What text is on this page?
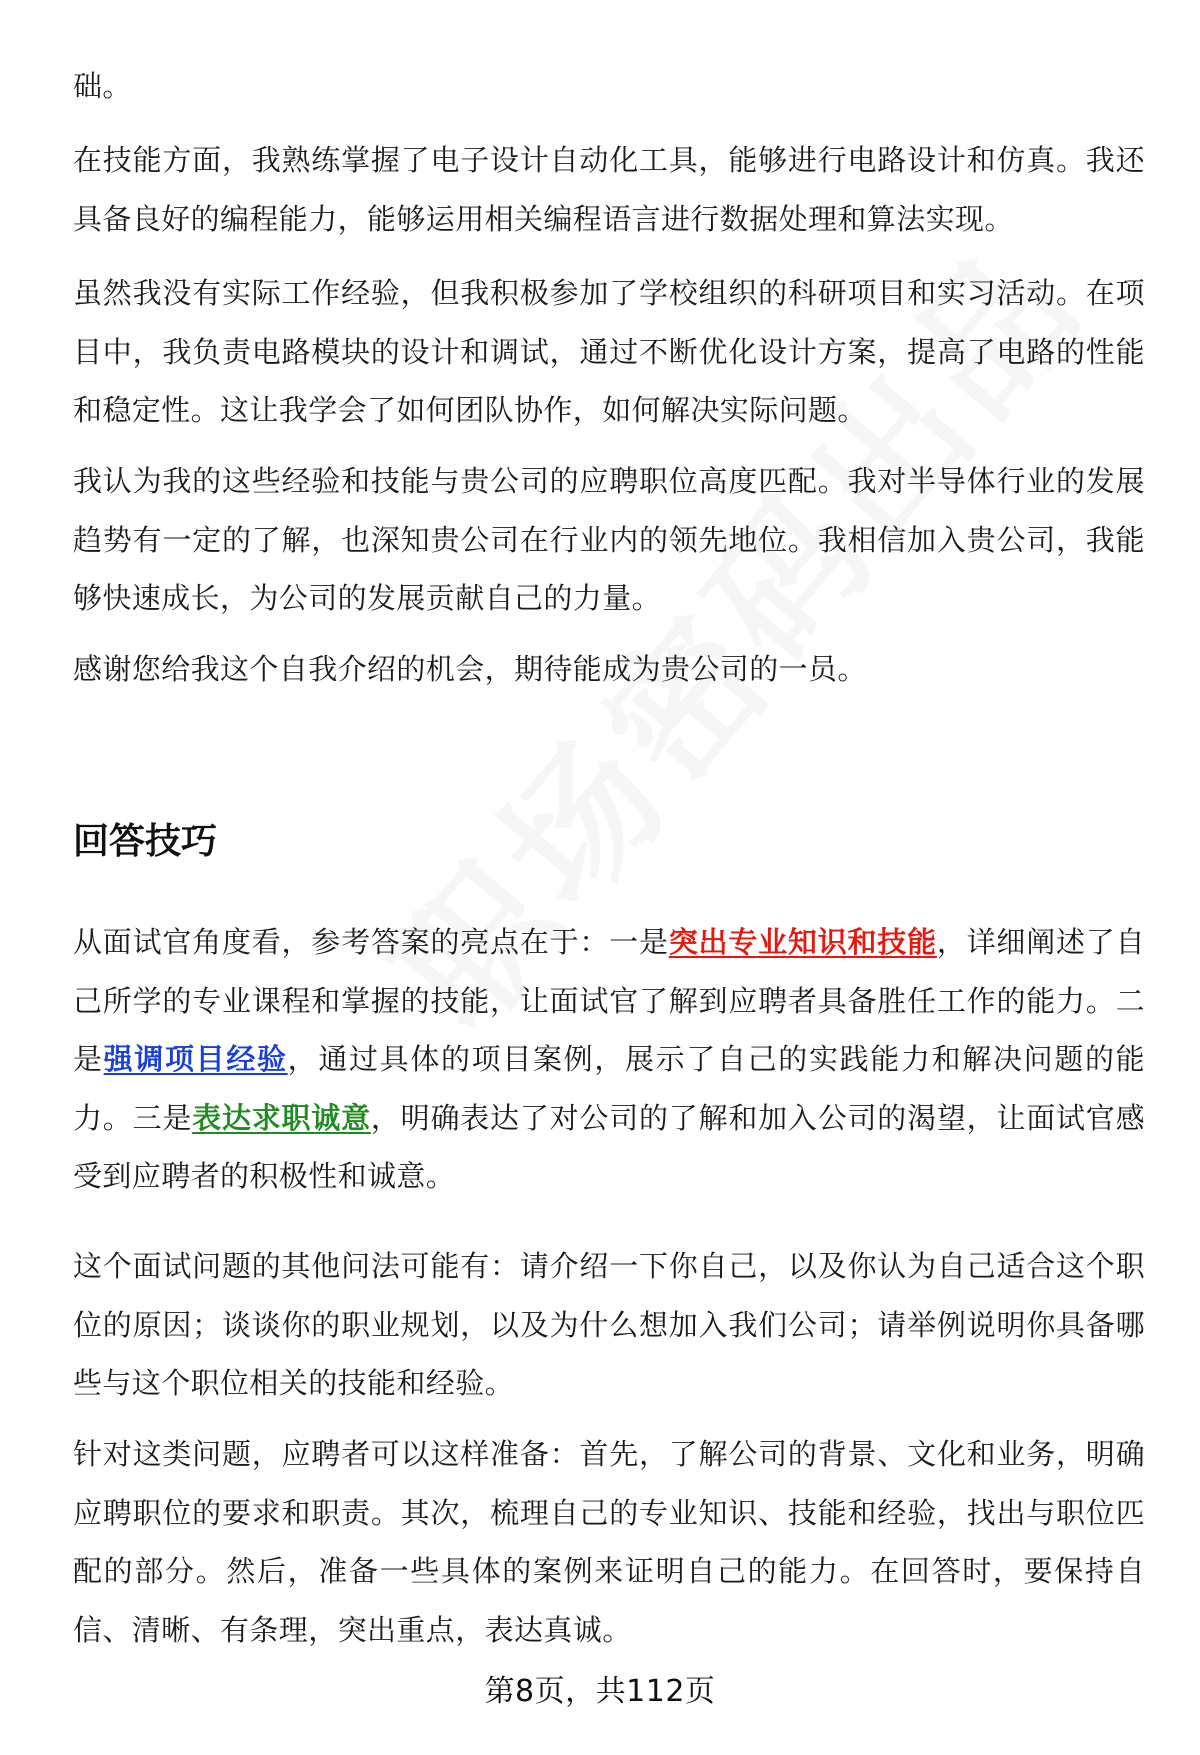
础。

在技能方面，我熟练掌握了电子设计自动化工具，能够进行电路设计和仿真。我还具备良好的编程能力，能够运用相关编程语言进行数据处理和算法实现。

虽然我没有实际工作经验，但我积极参加了学校组织的科研项目和实习活动。在项目中，我负责电路模块的设计和调试，通过不断优化设计方案，提高了电路的性能和稳定性。这让我学会了如何团队协作，如何解决实际问题。

我认为我的这些经验和技能与贵公司的应聘职位高度匹配。我对半导体行业的发展趋势有一定的了解，也深知贵公司在行业内的领先地位。我相信加入贵公司，我能够快速成长，为公司的发展贡献自己的力量。

感谢您给我这个自我介绍的机会，期待能成为贵公司的一员。

回答技巧

从面试官角度看，参考答案的亮点在于：一是突出专业知识和技能，详细阐述了自己所学的专业课程和掌握的技能，让面试官了解到应聘者具备胜任工作的能力。二是强调项目经验，通过具体的项目案例，展示了自己的实践能力和解决问题的能力。三是表达求职诚意，明确表达了对公司的了解和加入公司的渴望，让面试官感受到应聘者的积极性和诚意。

这个面试问题的其他问法可能有：请介绍一下你自己，以及你认为自己适合这个职位的原因；谈谈你的职业规划，以及为什么想加入我们公司；请举例说明你具备哪些与这个职位相关的技能和经验。

针对这类问题，应聘者可以这样准备：首先，了解公司的背景、文化和业务，明确应聘职位的要求和职责。其次，梳理自己的专业知识、技能和经验，找出与职位匹配的部分。然后，准备一些具体的案例来证明自己的能力。在回答时，要保持自信、清晰、有条理，突出重点，表达真诚。

第8页，共112页
